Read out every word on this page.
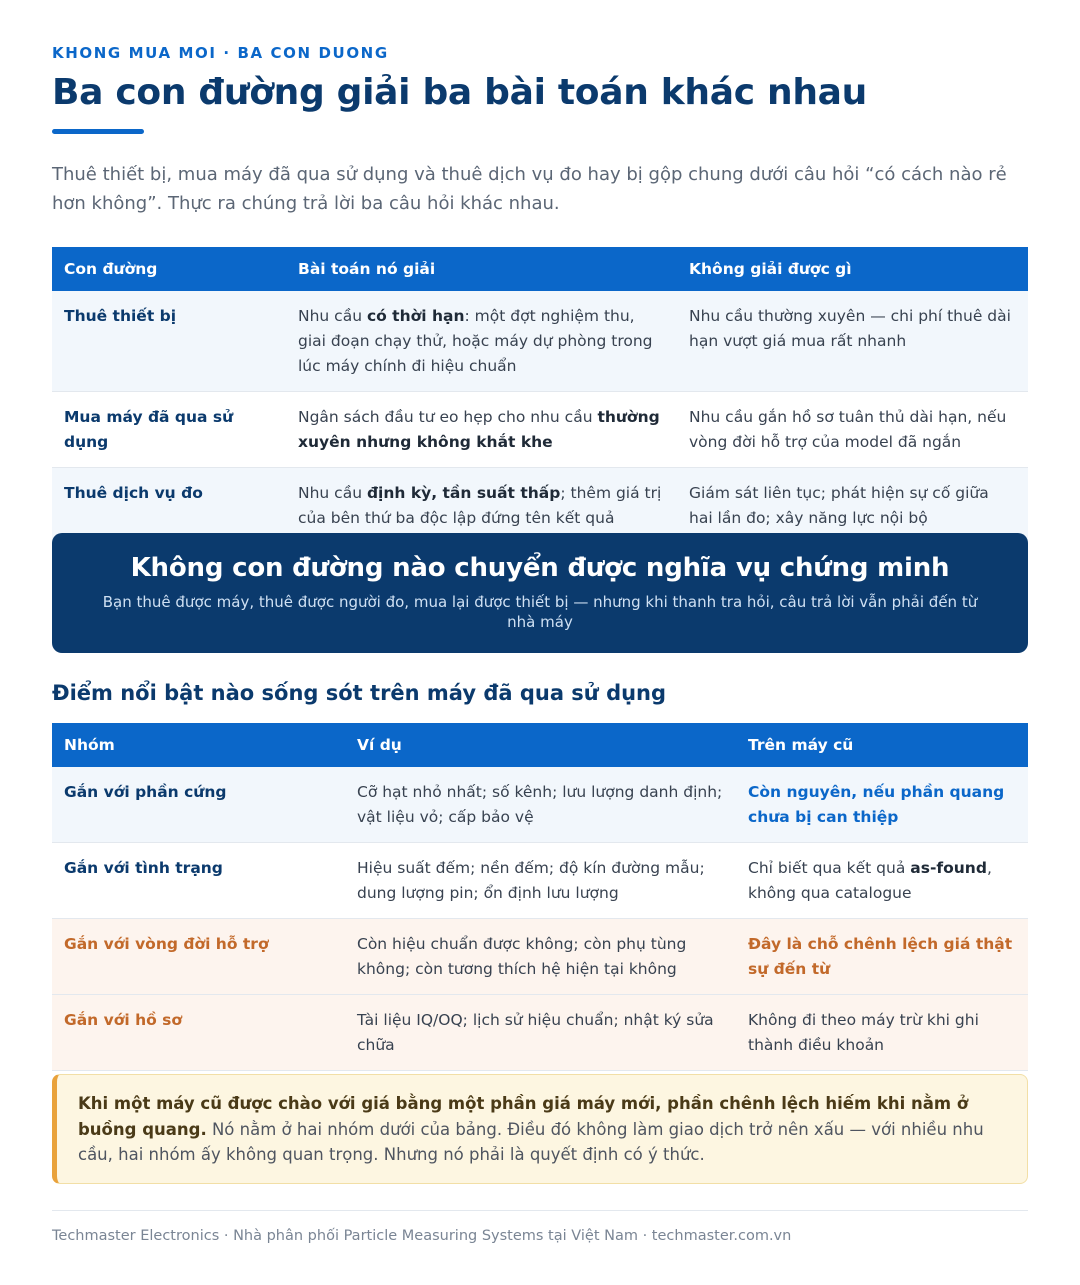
KHONG MUA MOI · BA CON DUONG
Ba con đường giải ba bài toán khác nhau

Thuê thiết bị, mua máy đã qua sử dụng và thuê dịch vụ đo hay bị gộp chung dưới câu hỏi “có cách nào rẻ hơn không”. Thực ra chúng trả lời ba câu hỏi khác nhau.

Con đường	Bài toán nó giải	Không giải được gì
Thuê thiết bị	Nhu cầu có thời hạn: một đợt nghiệm thu, giai đoạn chạy thử, hoặc máy dự phòng trong lúc máy chính đi hiệu chuẩn	Nhu cầu thường xuyên — chi phí thuê dài hạn vượt giá mua rất nhanh
Mua máy đã qua sử dụng	Ngân sách đầu tư eo hẹp cho nhu cầu thường xuyên nhưng không khắt khe	Nhu cầu gắn hồ sơ tuân thủ dài hạn, nếu vòng đời hỗ trợ của model đã ngắn
Thuê dịch vụ đo	Nhu cầu định kỳ, tần suất thấp; thêm giá trị của bên thứ ba độc lập đứng tên kết quả	Giám sát liên tục; phát hiện sự cố giữa hai lần đo; xây năng lực nội bộ
Không con đường nào chuyển được nghĩa vụ chứng minh
Bạn thuê được máy, thuê được người đo, mua lại được thiết bị — nhưng khi thanh tra hỏi, câu trả lời vẫn phải đến từ nhà máy
Điểm nổi bật nào sống sót trên máy đã qua sử dụng
Nhóm	Ví dụ	Trên máy cũ
Gắn với phần cứng	Cỡ hạt nhỏ nhất; số kênh; lưu lượng danh định; vật liệu vỏ; cấp bảo vệ	Còn nguyên, nếu phần quang chưa bị can thiệp
Gắn với tình trạng	Hiệu suất đếm; nền đếm; độ kín đường mẫu; dung lượng pin; ổn định lưu lượng	Chỉ biết qua kết quả as-found, không qua catalogue
Gắn với vòng đời hỗ trợ	Còn hiệu chuẩn được không; còn phụ tùng không; còn tương thích hệ hiện tại không	Đây là chỗ chênh lệch giá thật sự đến từ
Gắn với hồ sơ	Tài liệu IQ/OQ; lịch sử hiệu chuẩn; nhật ký sửa chữa	Không đi theo máy trừ khi ghi thành điều khoản
Khi một máy cũ được chào với giá bằng một phần giá máy mới, phần chênh lệch hiếm khi nằm ở buồng quang. Nó nằm ở hai nhóm dưới của bảng. Điều đó không làm giao dịch trở nên xấu — với nhiều nhu cầu, hai nhóm ấy không quan trọng. Nhưng nó phải là quyết định có ý thức.
Techmaster Electronics · Nhà phân phối Particle Measuring Systems tại Việt Nam · techmaster.com.vn
